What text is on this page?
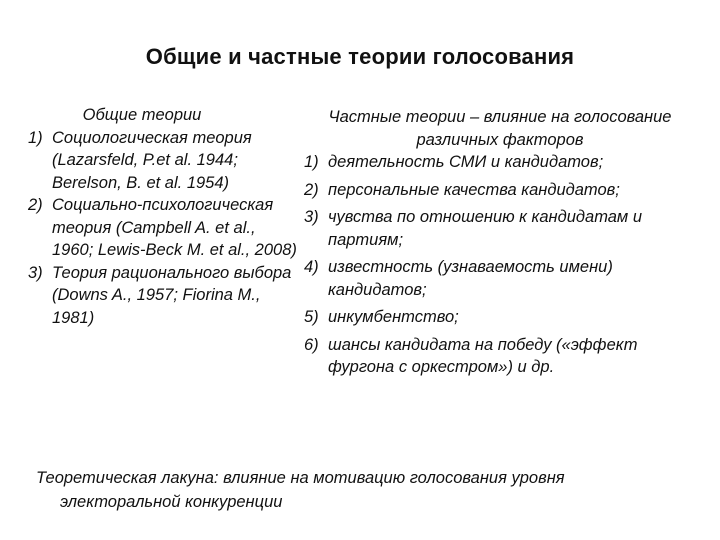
Общие и частные теории голосования
Общие теории
1) Социологическая теория (Lazarsfeld, P.et al. 1944; Berelson, B. et al. 1954)
2) Социально-психологическая теория (Campbell A. et al., 1960; Lewis-Beck M. et al., 2008)
3) Теория рационального выбора (Downs A., 1957; Fiorina M., 1981)
Частные теории – влияние на голосование различных факторов
1) деятельность СМИ и кандидатов;
2) персональные качества кандидатов;
3) чувства по отношению к кандидатам и партиям;
4) известность (узнаваемость имени) кандидатов;
5) инкумбентство;
6) шансы кандидата на победу («эффект фургона с оркестром») и др.
Теоретическая лакуна: влияние на мотивацию голосования уровня
электоральной конкуренции
